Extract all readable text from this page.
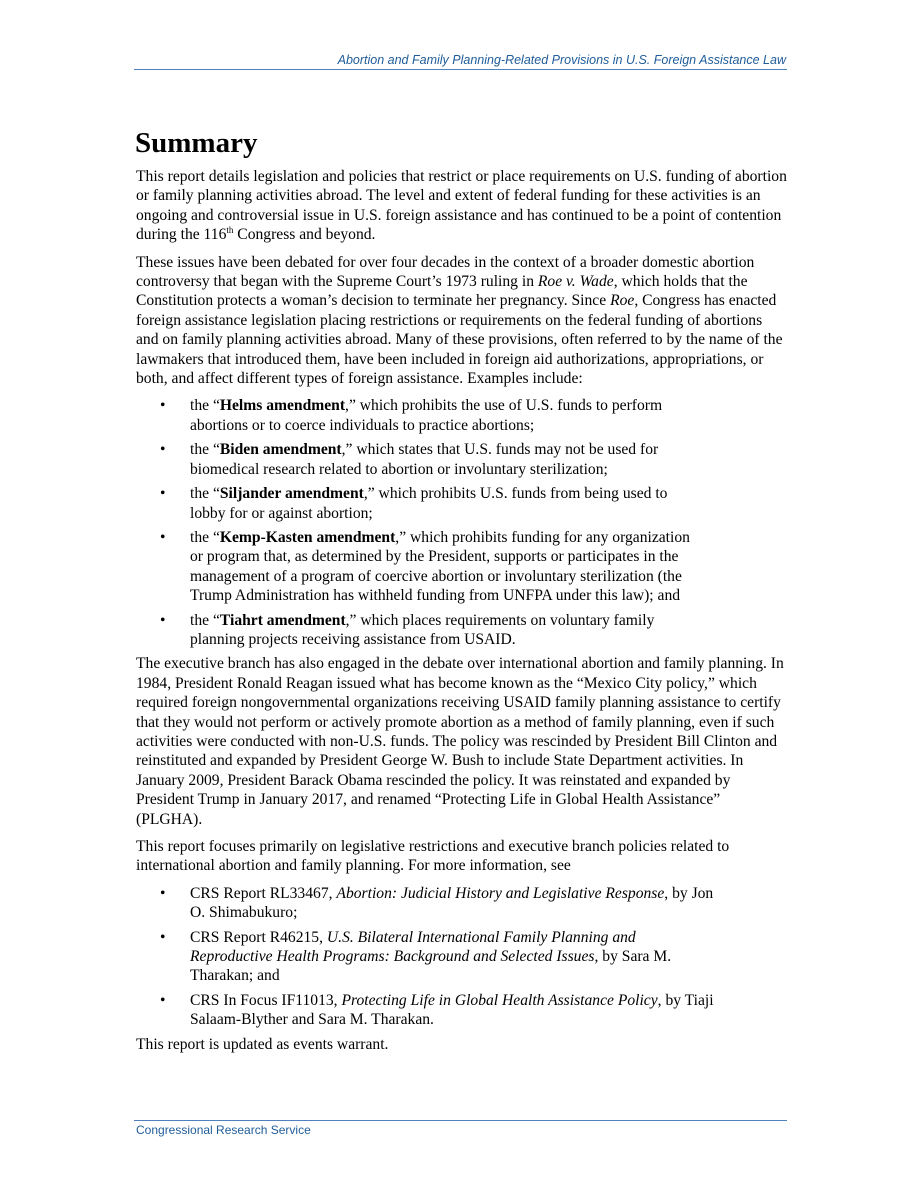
Abortion and Family Planning-Related Provisions in U.S. Foreign Assistance Law
Summary

This report details legislation and policies that restrict or place requirements on U.S. funding of abortion or family planning activities abroad. The level and extent of federal funding for these activities is an ongoing and controversial issue in U.S. foreign assistance and has continued to be a point of contention during the 116th Congress and beyond.

These issues have been debated for over four decades in the context of a broader domestic abortion controversy that began with the Supreme Court’s 1973 ruling in Roe v. Wade, which holds that the Constitution protects a woman’s decision to terminate her pregnancy. Since Roe, Congress has enacted foreign assistance legislation placing restrictions or requirements on the federal funding of abortions and on family planning activities abroad. Many of these provisions, often referred to by the name of the lawmakers that introduced them, have been included in foreign aid authorizations, appropriations, or both, and affect different types of foreign assistance. Examples include:

• the “Helms amendment,” which prohibits the use of U.S. funds to perform abortions or to coerce individuals to practice abortions;
• the “Biden amendment,” which states that U.S. funds may not be used for biomedical research related to abortion or involuntary sterilization;
• the “Siljander amendment,” which prohibits U.S. funds from being used to lobby for or against abortion;
• the “Kemp-Kasten amendment,” which prohibits funding for any organization or program that, as determined by the President, supports or participates in the management of a program of coercive abortion or involuntary sterilization (the Trump Administration has withheld funding from UNFPA under this law); and
• the “Tiahrt amendment,” which places requirements on voluntary family planning projects receiving assistance from USAID.

The executive branch has also engaged in the debate over international abortion and family planning. In 1984, President Ronald Reagan issued what has become known as the “Mexico City policy,” which required foreign nongovernmental organizations receiving USAID family planning assistance to certify that they would not perform or actively promote abortion as a method of family planning, even if such activities were conducted with non-U.S. funds. The policy was rescinded by President Bill Clinton and reinstituted and expanded by President George W. Bush to include State Department activities. In January 2009, President Barack Obama rescinded the policy. It was reinstated and expanded by President Trump in January 2017, and renamed “Protecting Life in Global Health Assistance” (PLGHA).

This report focuses primarily on legislative restrictions and executive branch policies related to international abortion and family planning. For more information, see

• CRS Report RL33467, Abortion: Judicial History and Legislative Response, by Jon O. Shimabukuro;
• CRS Report R46215, U.S. Bilateral International Family Planning and Reproductive Health Programs: Background and Selected Issues, by Sara M. Tharakan; and
• CRS In Focus IF11013, Protecting Life in Global Health Assistance Policy, by Tiaji Salaam-Blyther and Sara M. Tharakan.

This report is updated as events warrant.

Congressional Research Service
